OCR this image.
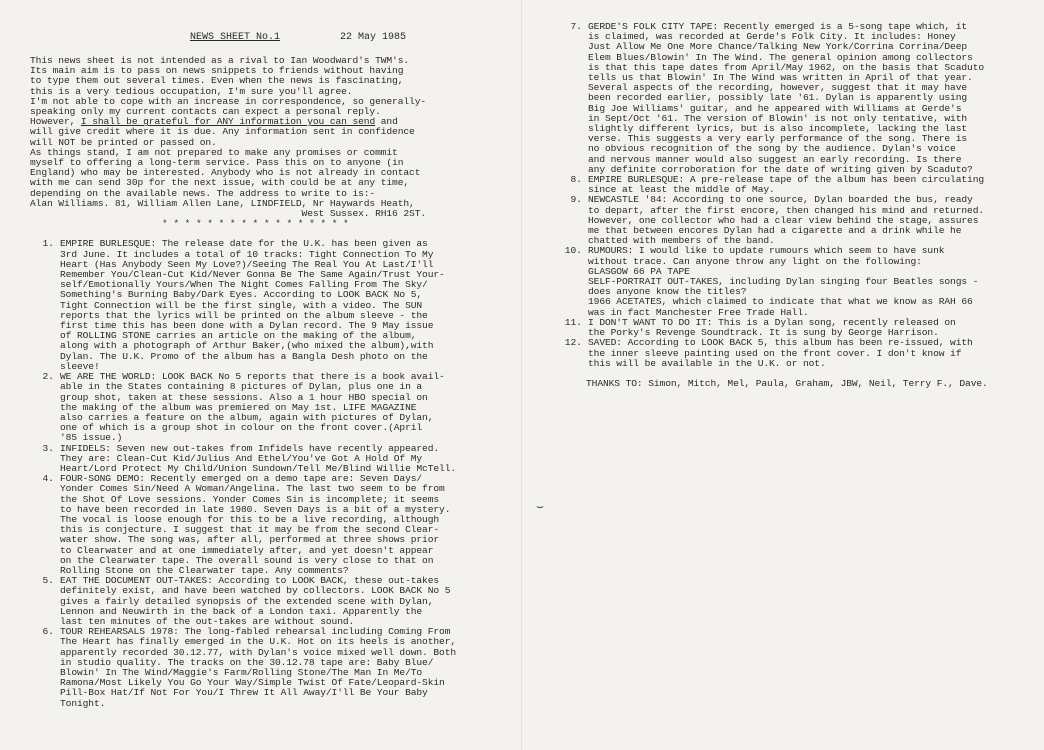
NEWS SHEET No.1	22 May 1985
This news sheet is not intended as a rival to Ian Woodward's TWM's.
Its main aim is to pass on news snippets to friends without having
to type them out several times. Even when the news is fascinating,
this is a very tedious occupation, I'm sure you'll agree.
I'm not able to cope with an increase in correspondence, so generally-
speaking only my current contacts can expect a personal reply.
However, I shall be grateful for ANY information you can send and
will give credit where it is due. Any information sent in confidence
will NOT be printed or passed on.
As things stand, I am not prepared to make any promises or commit
myself to offering a long-term service. Pass this on to anyone (in
England) who may be interested. Anybody who is not already in contact
with me can send 30p for the next issue, with could be at any time,
depending on the available news. The address to write to is:-
Alan Williams. 81, William Allen Lane, LINDFIELD, Nr Haywards Heath,
West Sussex. RH16 2ST.
* * * * * * * * * * * * * * * * *
1. EMPIRE BURLESQUE: The release date for the U.K. has been given as
3rd June. It includes a total of 10 tracks: Tight Connection To My
Heart (Has Anybody Seen My Love?)/Seeing The Real You At Last/I'll
Remember You/Clean-Cut Kid/Never Gonna Be The Same Again/Trust Your-
self/Emotionally Yours/When The Night Comes Falling From The Sky/
Something's Burning Baby/Dark Eyes. According to LOOK BACK No 5,
Tight Connection will be the first single, with a video. The SUN
reports that the lyrics will be printed on the album sleeve - the
first time this has been done with a Dylan record. The 9 May issue
of ROLLING STONE carries an article on the making of the album,
along with a photograph of Arthur Baker,(who mixed the album),with
Dylan. The U.K. Promo of the album has a Bangla Desh photo on the
sleeve!
2. WE ARE THE WORLD: LOOK BACK No 5 reports that there is a book avail-
able in the States containing 8 pictures of Dylan, plus one in a
group shot, taken at these sessions. Also a 1 hour HBO special on
the making of the album was premiered on May 1st. LIFE MAGAZINE
also carries a feature on the album, again with pictures of Dylan,
one of which is a group shot in colour on the front cover.(April
'85 issue.)
3. INFIDELS: Seven new out-takes from Infidels have recently appeared.
They are: Clean-Cut Kid/Julius And Ethel/You've Got A Hold Of My
Heart/Lord Protect My Child/Union Sundown/Tell Me/Blind Willie McTell.
4. FOUR-SONG DEMO: Recently emerged on a demo tape are: Seven Days/
Yonder Comes Sin/Need A Woman/Angelina. The last two seem to be from
the Shot Of Love sessions. Yonder Comes Sin is incomplete; it seems
to have been recorded in late 1980. Seven Days is a bit of a mystery.
The vocal is loose enough for this to be a live recording, although
this is conjecture. I suggest that it may be from the second Clear-
water show. The song was, after all, performed at three shows prior
to Clearwater and at one immediately after, and yet doesn't appear
on the Clearwater tape. The overall sound is very close to that on
Rolling Stone on the Clearwater tape. Any comments?
5. EAT THE DOCUMENT OUT-TAKES: According to LOOK BACK, these out-takes
definitely exist, and have been watched by collectors. LOOK BACK No 5
gives a fairly detailed synopsis of the extended scene with Dylan,
Lennon and Neuwirth in the back of a London taxi. Apparently the
last ten minutes of the out-takes are without sound.
6. TOUR REHEARSALS 1978: The long-fabled rehearsal including Coming From
The Heart has finally emerged in the U.K. Hot on its heels is another,
apparently recorded 30.12.77, with Dylan's voice mixed well down. Both
in studio quality. The tracks on the 30.12.78 tape are: Baby Blue/
Blowin' In The Wind/Maggie's Farm/Rolling Stone/The Man In Me/To
Ramona/Most Likely You Go Your Way/Simple Twist Of Fate/Leopard-Skin
Pill-Box Hat/If Not For You/I Threw It All Away/I'll Be Your Baby
Tonight.
7. GERDE'S FOLK CITY TAPE: Recently emerged is a 5-song tape which, it
is claimed, was recorded at Gerde's Folk City. It includes: Honey
Just Allow Me One More Chance/Talking New York/Corrina Corrina/Deep
Elem Blues/Blowin' In The Wind. The general opinion among collectors
is that this tape dates from April/May 1962, on the basis that Scaduto
tells us that Blowin' In The Wind was written in April of that year.
Several aspects of the recording, however, suggest that it may have
been recorded earlier, possibly late '61. Dylan is apparently using
Big Joe Williams' guitar, and he appeared with Williams at Gerde's
in Sept/Oct '61. The version of Blowin' is not only tentative, with
slightly different lyrics, but is also incomplete, lacking the last
verse. This suggests a very early performance of the song. There is
no obvious recognition of the song by the audience. Dylan's voice
and nervous manner would also suggest an early recording. Is there
any definite corroboration for the date of writing given by Scaduto?
8. EMPIRE BURLESQUE: A pre-release tape of the album has been circulating
since at least the middle of May.
9. NEWCASTLE '84: According to one source, Dylan boarded the bus, ready
to depart, after the first encore, then changed his mind and returned.
However, one collector who had a clear view behind the stage, assures
me that between encores Dylan had a cigarette and a drink while he
chatted with members of the band.
10. RUMOURS: I would like to update rumours which seem to have sunk
without trace. Can anyone throw any light on the following:
GLASGOW 66 PA TAPE
SELF-PORTRAIT OUT-TAKES, including Dylan singing four Beatles songs -
does anyone know the titles?
1966 ACETATES, which claimed to indicate that what we know as RAH 66
was in fact Manchester Free Trade Hall.
11. I DON'T WANT TO DO IT: This is a Dylan song, recently released on
the Porky's Revenge Soundtrack. It is sung by George Harrison.
12. SAVED: According to LOOK BACK 5, this album has been re-issued, with
the inner sleeve painting used on the front cover. I don't know if
this will be available in the U.K. or not.
THANKS TO: Simon, Mitch, Mel, Paula, Graham, JBW, Neil, Terry F., Dave.
⌣
